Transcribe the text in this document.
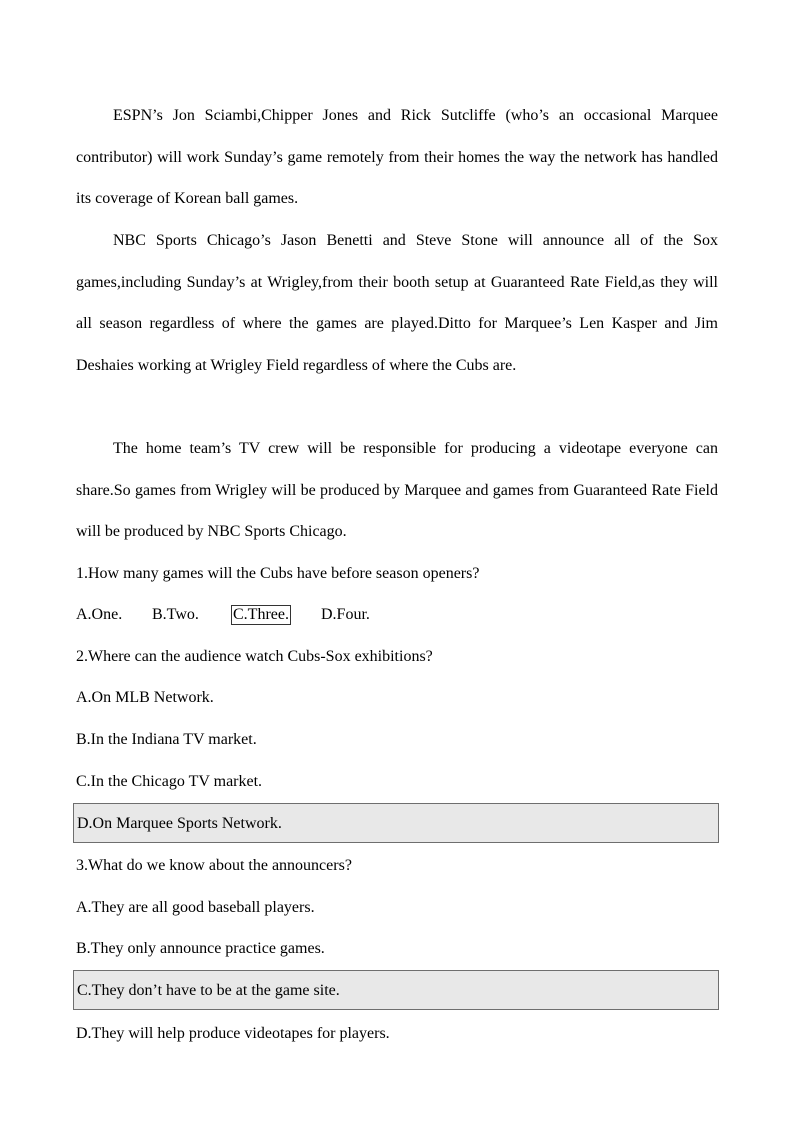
ESPN’s Jon Sciambi,Chipper Jones and Rick Sutcliffe (who’s an occasional Marquee contributor) will work Sunday’s game remotely from their homes the way the network has handled its coverage of Korean ball games.

NBC Sports Chicago’s Jason Benetti and Steve Stone will announce all of the Sox games,including Sunday’s at Wrigley,from their booth setup at Guaranteed Rate Field,as they will all season regardless of where the games are played.Ditto for Marquee’s Len Kasper and Jim Deshaies working at Wrigley Field regardless of where the Cubs are.

The home team’s TV crew will be responsible for producing a videotape everyone can share.So games from Wrigley will be produced by Marquee and games from Guaranteed Rate Field will be produced by NBC Sports Chicago.

1.How many games will the Cubs have before season openers?

A.One. B.Two. C.Three. D.Four.

2.Where can the audience watch Cubs-Sox exhibitions?

A.On MLB Network.

B.In the Indiana TV market.

C.In the Chicago TV market.

D.On Marquee Sports Network.

3.What do we know about the announcers?

A.They are all good baseball players.

B.They only announce practice games.

C.They don’t have to be at the game site.

D.They will help produce videotapes for players.
